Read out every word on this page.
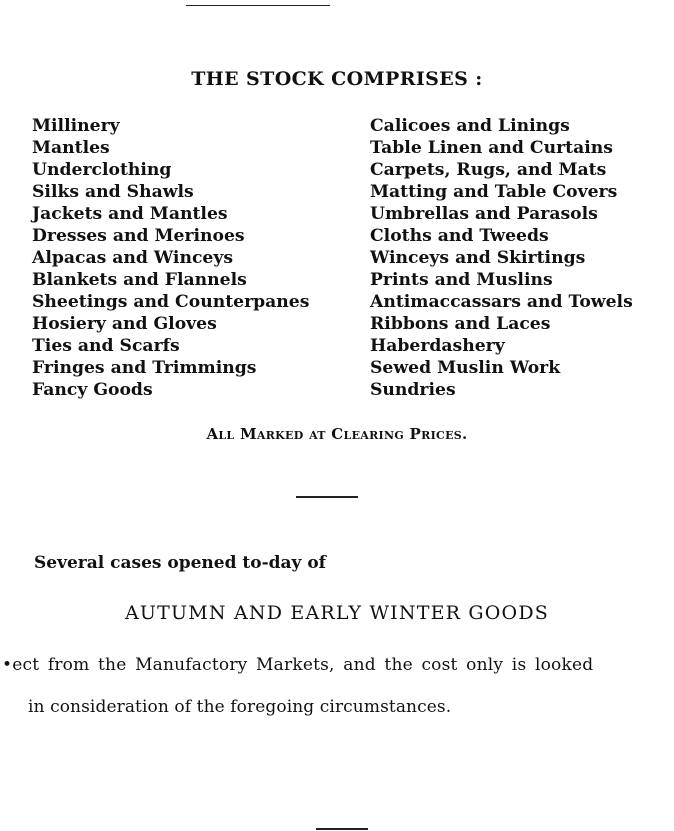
THE STOCK COMPRISES :
Millinery
Mantles
Underclothing
Silks and Shawls
Jackets and Mantles
Dresses and Merinoes
Alpacas and Winceys
Blankets and Flannels
Sheetings and Counterpanes
Hosiery and Gloves
Ties and Scarfs
Fringes and Trimmings
Fancy Goods
Calicoes and Linings
Table Linen and Curtains
Carpets, Rugs, and Mats
Matting and Table Covers
Umbrellas and Parasols
Cloths and Tweeds
Winceys and Skirtings
Prints and Muslins
Antimaccassars and Towels
Ribbons and Laces
Haberdashery
Sewed Muslin Work
Sundries
All Marked at Clearing Prices.
Several cases opened to-day of
AUTUMN AND EARLY WINTER GOODS
•ect from the Manufactory Markets, and the cost only is looked
in consideration of the foregoing circumstances.
